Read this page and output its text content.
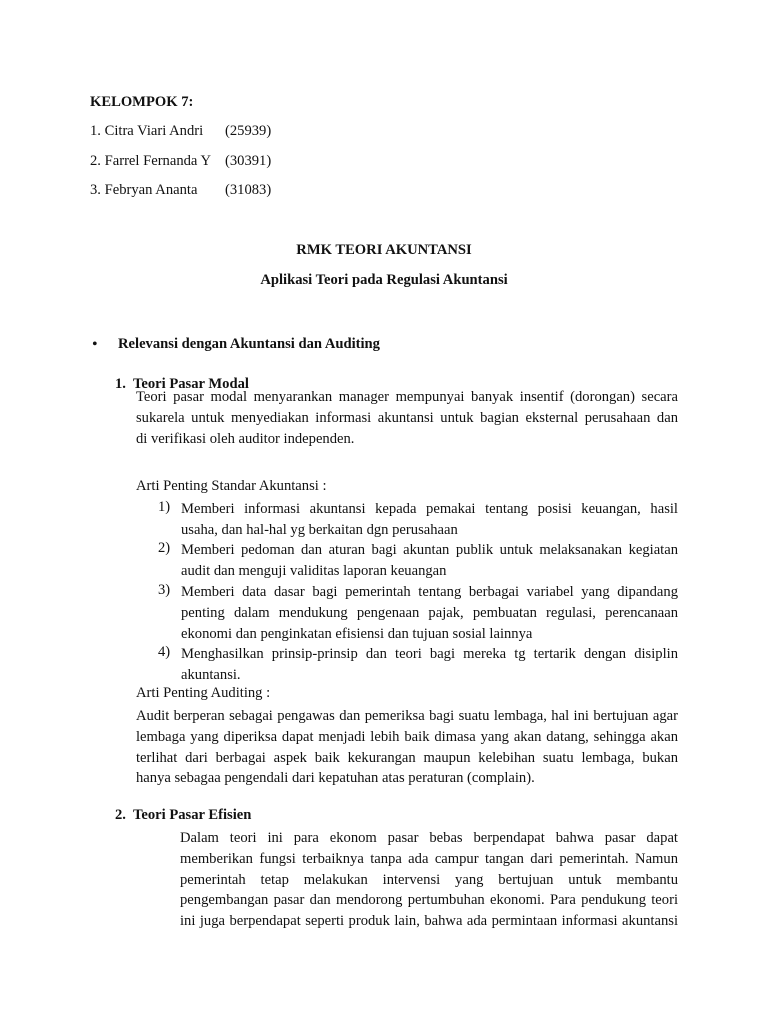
KELOMPOK 7:
1. Citra Viari Andri (25939)
2. Farrel Fernanda Y (30391)
3. Febryan Ananta (31083)
RMK TEORI AKUNTANSI
Aplikasi Teori pada Regulasi Akuntansi
• Relevansi dengan Akuntansi dan Auditing
1.  Teori Pasar Modal
Teori pasar modal menyarankan manager mempunyai banyak insentif (dorongan) secara
sukarela untuk menyediakan informasi akuntansi untuk bagian eksternal perusahaan dan
di verifikasi oleh auditor independen.
Arti Penting Standar Akuntansi :
1) Memberi informasi akuntansi kepada pemakai tentang posisi keuangan, hasil
usaha, dan hal-hal yg berkaitan dgn perusahaan
2) Memberi pedoman dan aturan bagi akuntan publik untuk melaksanakan kegiatan
audit dan menguji validitas laporan keuangan
3) Memberi data dasar bagi pemerintah tentang berbagai variabel yang dipandang
penting dalam mendukung pengenaan pajak, pembuatan regulasi, perencanaan
ekonomi dan penginkatan efisiensi dan tujuan sosial lainnya
4) Menghasilkan prinsip-prinsip dan teori bagi mereka tg tertarik dengan disiplin
akuntansi.
Arti Penting Auditing :
Audit berperan sebagai pengawas dan pemeriksa bagi suatu lembaga, hal ini bertujuan agar
lembaga yang diperiksa dapat menjadi lebih baik dimasa yang akan datang, sehingga akan
terlihat dari berbagai aspek baik kekurangan maupun kelebihan suatu lembaga, bukan
hanya sebagaa pengendali dari kepatuhan atas peraturan (complain).
2.  Teori Pasar Efisien
Dalam teori ini para ekonom pasar bebas berpendapat bahwa pasar dapat
memberikan fungsi terbaiknya tanpa ada campur tangan dari pemerintah. Namun
pemerintah tetap melakukan intervensi yang bertujuan untuk membantu
pengembangan pasar dan mendorong pertumbuhan ekonomi. Para pendukung teori
ini juga berpendapat seperti produk lain, bahwa ada permintaan informasi akuntansi
